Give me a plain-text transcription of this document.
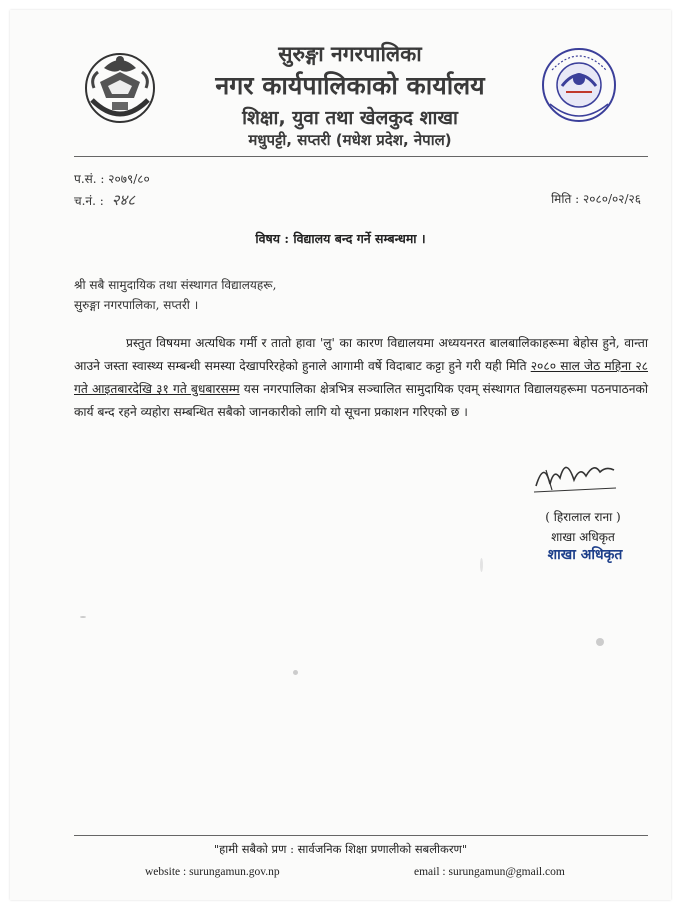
सुरुङ्गा नगरपालिका
नगर कार्यपालिकाको कार्यालय
शिक्षा, युवा तथा खेलकुद शाखा
मधुपट्टी, सप्तरी (मधेश प्रदेश, नेपाल)
प.सं. : २०७९/८०
च.नं. : २४८	मिति : २०८०/०२/२६
विषय : विद्यालय बन्द गर्ने सम्बन्धमा ।
श्री सबै सामुदायिक तथा संस्थागत विद्यालयहरू,
सुरुङ्गा नगरपालिका, सप्तरी ।
प्रस्तुत विषयमा अत्यधिक गर्मी र तातो हावा 'लु' का कारण विद्यालयमा अध्ययनरत बालबालिकाहरूमा बेहोस हुने, वान्ता आउने जस्ता स्वास्थ्य सम्बन्धी समस्या देखापरिरहेको हुनाले आगामी वर्षे विदाबाट कट्टा हुने गरी यही मिति २०८० साल जेठ महिना २८ गते आइतबारदेखि ३१ गते बुधबारसम्म यस नगरपालिका क्षेत्रभित्र सञ्चालित सामुदायिक एवम् संस्थागत विद्यालयहरूमा पठनपाठनको कार्य बन्द रहने व्यहोरा सम्बन्धित सबैको जानकारीको लागि यो सूचना प्रकाशन गरिएको छ ।
( हिरालाल राना )
शाखा अधिकृत
शाखा अधिकृत
"हामी सबैको प्रण : सार्वजनिक शिक्षा प्रणालीको सबलीकरण"
website : surungamun.gov.np	email : surungamun@gmail.com
